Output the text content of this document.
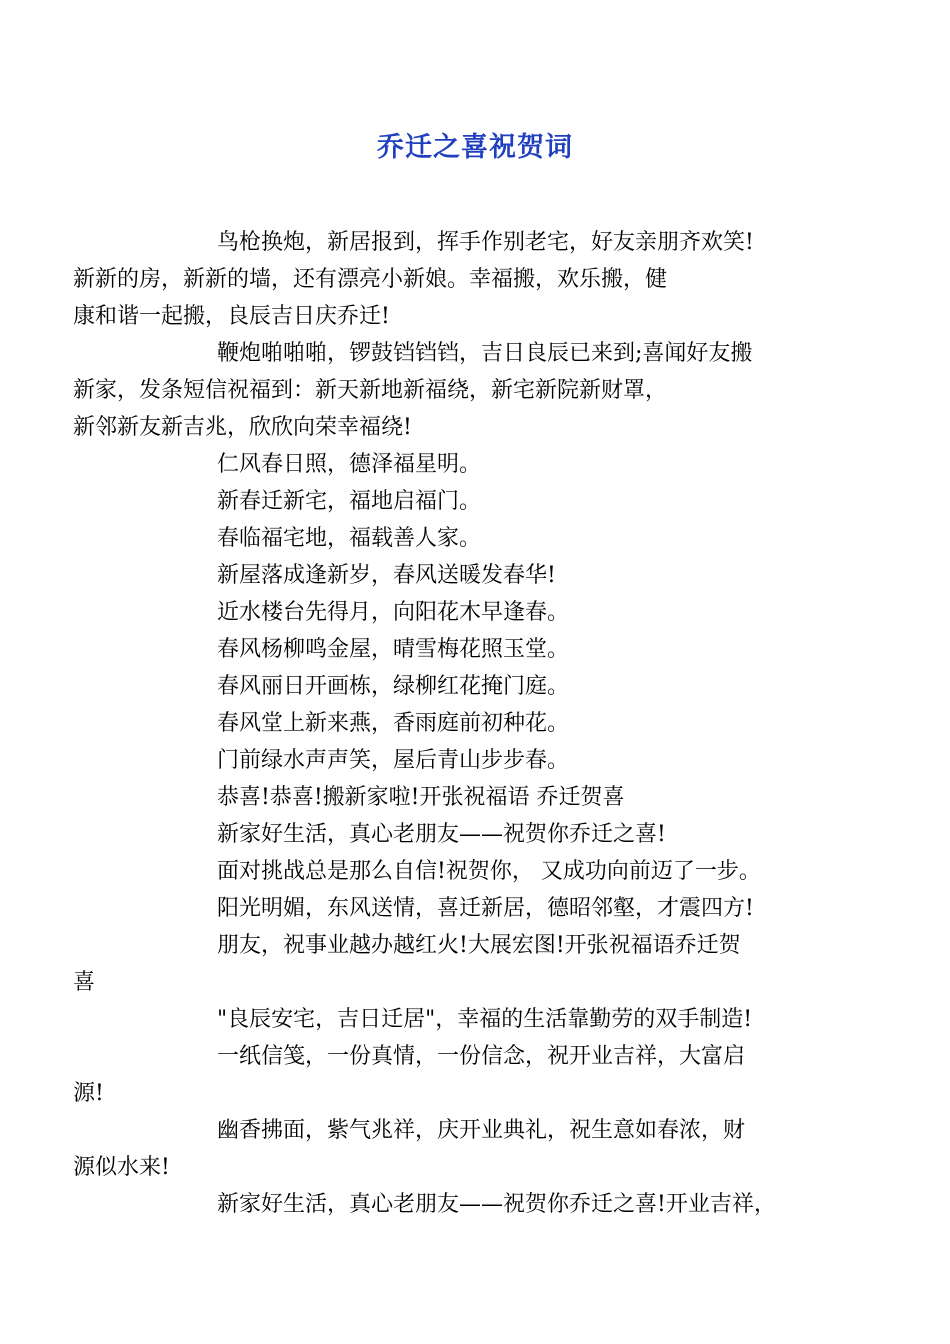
乔迁之喜祝贺词

鸟枪换炮，新居报到，挥手作别老宅，好友亲朋齐欢笑!
新新的房，新新的墙，还有漂亮小新娘。幸福搬，欢乐搬，健
康和谐一起搬，良辰吉日庆乔迁!

鞭炮啪啪啪，锣鼓铛铛铛，吉日良辰已来到;喜闻好友搬
新家，发条短信祝福到：新天新地新福绕，新宅新院新财罩，
新邻新友新吉兆，欣欣向荣幸福绕!

仁风春日照，德泽福星明。

新春迁新宅，福地启福门。

春临福宅地，福载善人家。

新屋落成逢新岁，春风送暖发春华!

近水楼台先得月，向阳花木早逢春。

春风杨柳鸣金屋，晴雪梅花照玉堂。

春风丽日开画栋，绿柳红花掩门庭。

春风堂上新来燕，香雨庭前初种花。

门前绿水声声笑，屋后青山步步春。

恭喜!恭喜!搬新家啦!开张祝福语 乔迁贺喜

新家好生活，真心老朋友——祝贺你乔迁之喜!

面对挑战总是那么自信!祝贺你， 又成功向前迈了一步。

阳光明媚，东风送情，喜迁新居，德昭邻壑，才震四方!

朋友，祝事业越办越红火!大展宏图!开张祝福语乔迁贺
喜

"良辰安宅，吉日迁居"，幸福的生活靠勤劳的双手制造!

一纸信笺，一份真情，一份信念，祝开业吉祥，大富启
源!

幽香拂面，紫气兆祥，庆开业典礼，祝生意如春浓，财
源似水来!

新家好生活，真心老朋友——祝贺你乔迁之喜!开业吉祥，
